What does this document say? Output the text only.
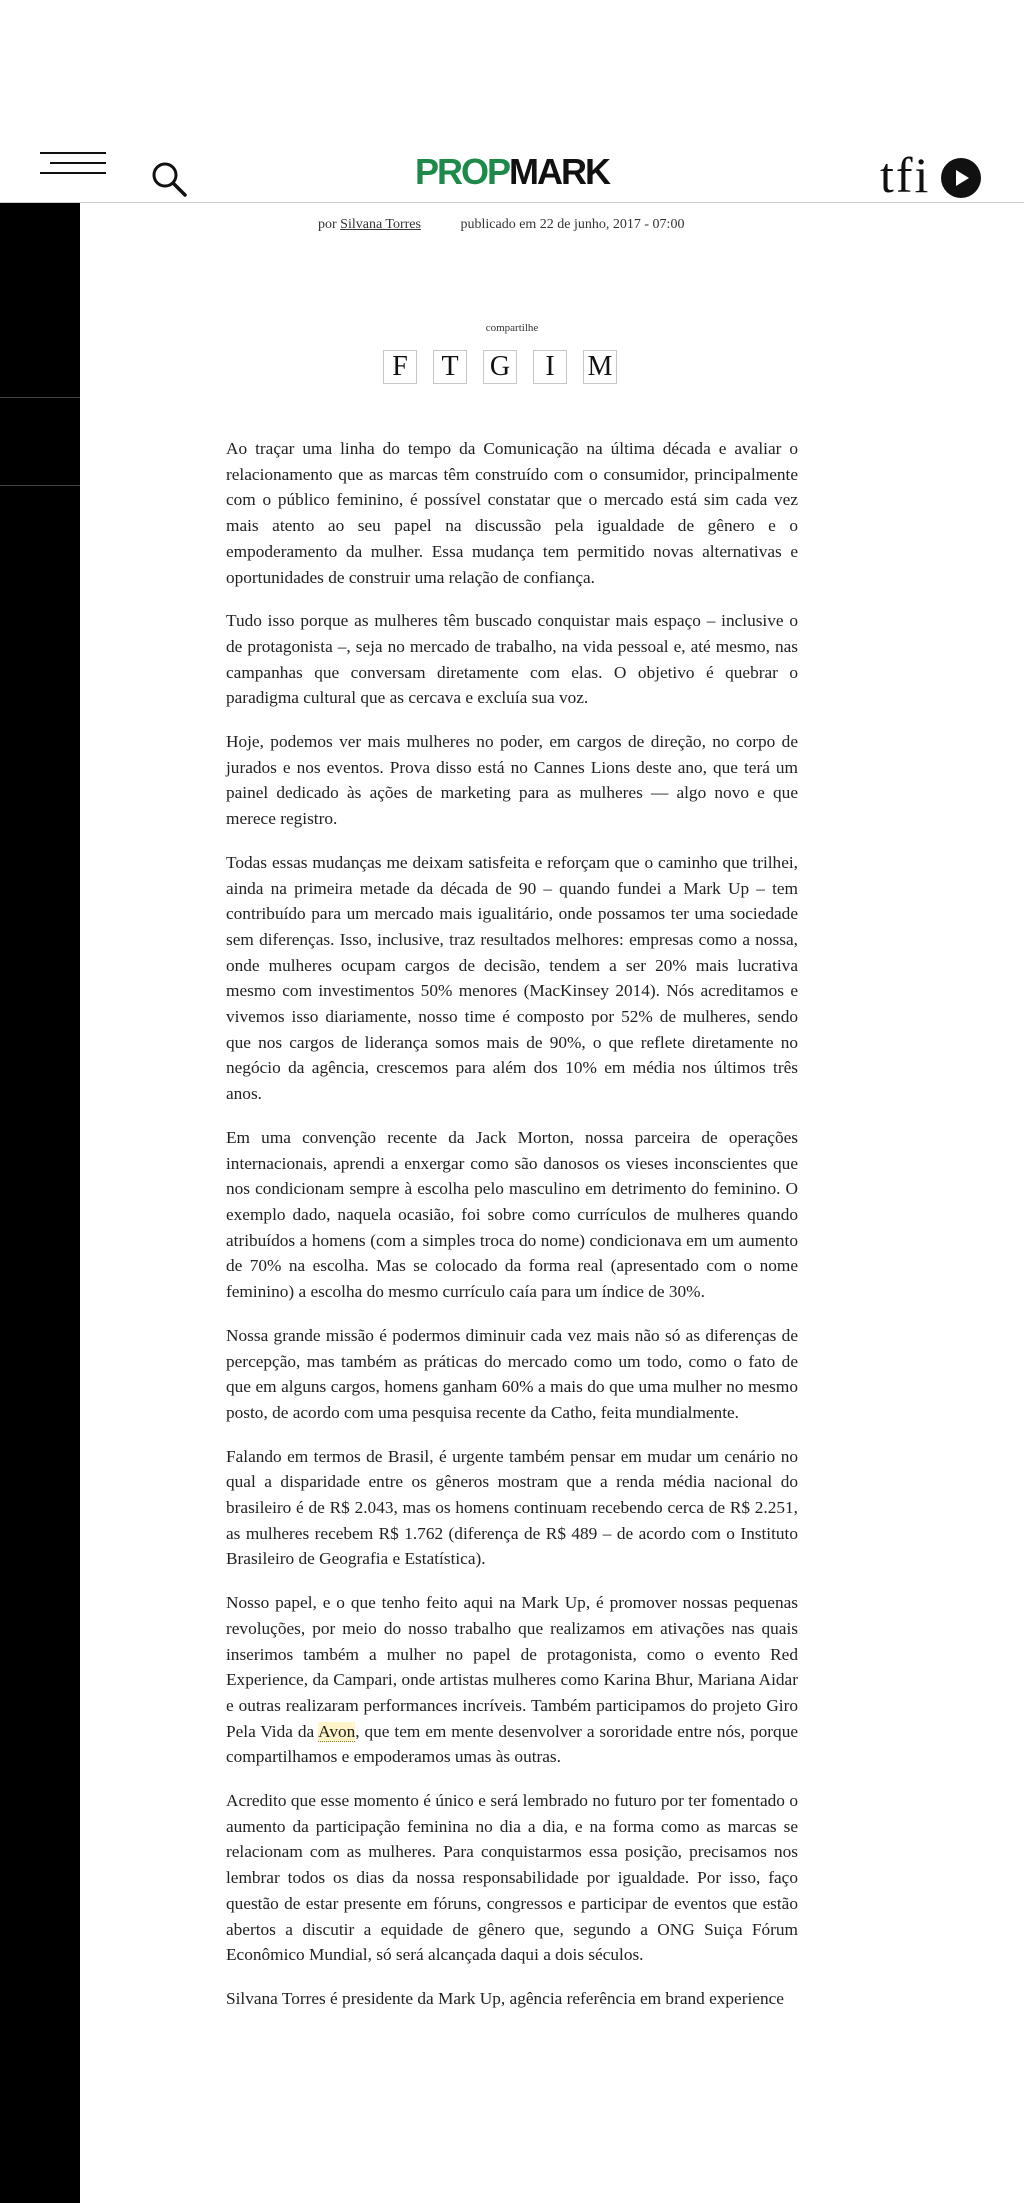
PROPMARK	tfi
por Silvana Torres	publicado em 22 de junho, 2017 - 07:00
compartilhe
F	T	G	I	M

Ao traçar uma linha do tempo da Comunicação na última década e avaliar o relacionamento que as marcas têm construído com o consumidor, principalmente com o público feminino, é possível constatar que o mercado está sim cada vez mais atento ao seu papel na discussão pela igualdade de gênero e o empoderamento da mulher. Essa mudança tem permitido novas alternativas e oportunidades de construir uma relação de confiança.

Tudo isso porque as mulheres têm buscado conquistar mais espaço – inclusive o de protagonista –, seja no mercado de trabalho, na vida pessoal e, até mesmo, nas campanhas que conversam diretamente com elas. O objetivo é quebrar o paradigma cultural que as cercava e excluía sua voz.

Hoje, podemos ver mais mulheres no poder, em cargos de direção, no corpo de jurados e nos eventos. Prova disso está no Cannes Lions deste ano, que terá um painel dedicado às ações de marketing para as mulheres — algo novo e que merece registro.

Todas essas mudanças me deixam satisfeita e reforçam que o caminho que trilhei, ainda na primeira metade da década de 90 – quando fundei a Mark Up – tem contribuído para um mercado mais igualitário, onde possamos ter uma sociedade sem diferenças. Isso, inclusive, traz resultados melhores: empresas como a nossa, onde mulheres ocupam cargos de decisão, tendem a ser 20% mais lucrativa mesmo com investimentos 50% menores (MacKinsey 2014). Nós acreditamos e vivemos isso diariamente, nosso time é composto por 52% de mulheres, sendo que nos cargos de liderança somos mais de 90%, o que reflete diretamente no negócio da agência, crescemos para além dos 10% em média nos últimos três anos.

Em uma convenção recente da Jack Morton, nossa parceira de operações internacionais, aprendi a enxergar como são danosos os vieses inconscientes que nos condicionam sempre à escolha pelo masculino em detrimento do feminino. O exemplo dado, naquela ocasião, foi sobre como currículos de mulheres quando atribuídos a homens (com a simples troca do nome) condicionava em um aumento de 70% na escolha. Mas se colocado da forma real (apresentado com o nome feminino) a escolha do mesmo currículo caía para um índice de 30%.

Nossa grande missão é podermos diminuir cada vez mais não só as diferenças de percepção, mas também as práticas do mercado como um todo, como o fato de que em alguns cargos, homens ganham 60% a mais do que uma mulher no mesmo posto, de acordo com uma pesquisa recente da Catho, feita mundialmente.

Falando em termos de Brasil, é urgente também pensar em mudar um cenário no qual a disparidade entre os gêneros mostram que a renda média nacional do brasileiro é de R$ 2.043, mas os homens continuam recebendo cerca de R$ 2.251, as mulheres recebem R$ 1.762 (diferença de R$ 489 – de acordo com o Instituto Brasileiro de Geografia e Estatística).

Nosso papel, e o que tenho feito aqui na Mark Up, é promover nossas pequenas revoluções, por meio do nosso trabalho que realizamos em ativações nas quais inserimos também a mulher no papel de protagonista, como o evento Red Experience, da Campari, onde artistas mulheres como Karina Bhur, Mariana Aidar e outras realizaram performances incríveis. Também participamos do projeto Giro Pela Vida da Avon, que tem em mente desenvolver a sororidade entre nós, porque compartilhamos e empoderamos umas às outras.

Acredito que esse momento é único e será lembrado no futuro por ter fomentado o aumento da participação feminina no dia a dia, e na forma como as marcas se relacionam com as mulheres. Para conquistarmos essa posição, precisamos nos lembrar todos os dias da nossa responsabilidade por igualdade. Por isso, faço questão de estar presente em fóruns, congressos e participar de eventos que estão abertos a discutir a equidade de gênero que, segundo a ONG Suiça Fórum Econômico Mundial, só será alcançada daqui a dois séculos.

Silvana Torres é presidente da Mark Up, agência referência em brand experience
